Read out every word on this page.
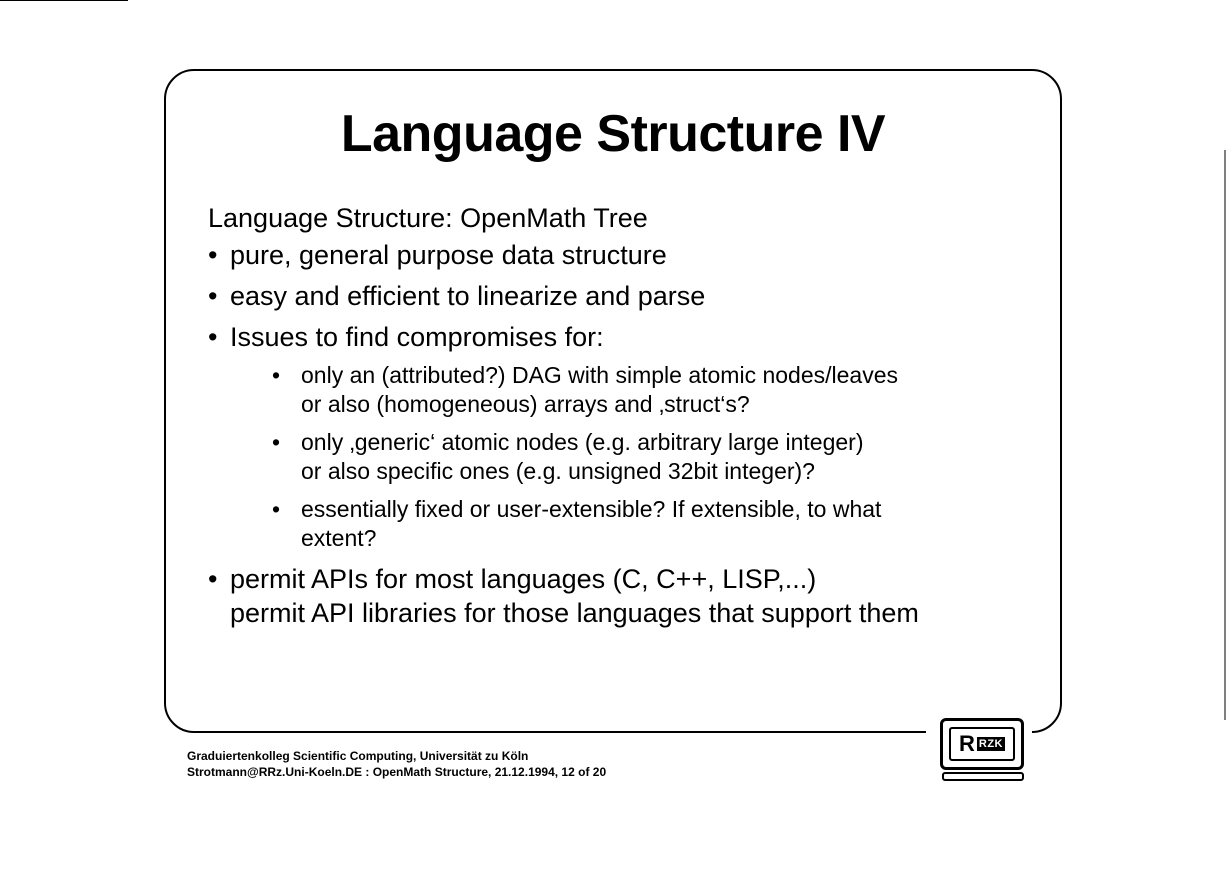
Language Structure IV

Language Structure: OpenMath Tree

• pure, general purpose data structure
• easy and efficient to linearize and parse
• Issues to find compromises for:
• only an (attributed?) DAG with simple atomic nodes/leaves
or also (homogeneous) arrays and ‚struct‘s?
• only ‚generic‘ atomic nodes (e.g. arbitrary large integer)
or also specific ones (e.g. unsigned 32bit integer)?
• essentially fixed or user-extensible? If extensible, to what
extent?
• permit APIs for most languages (C, C++, LISP,...)
permit API libraries for those languages that support them
Graduiertenkolleg Scientific Computing, Universität zu Köln
Strotmann@RRz.Uni-Koeln.DE : OpenMath Structure, 21.12.1994, 12 of 20
R RZK
